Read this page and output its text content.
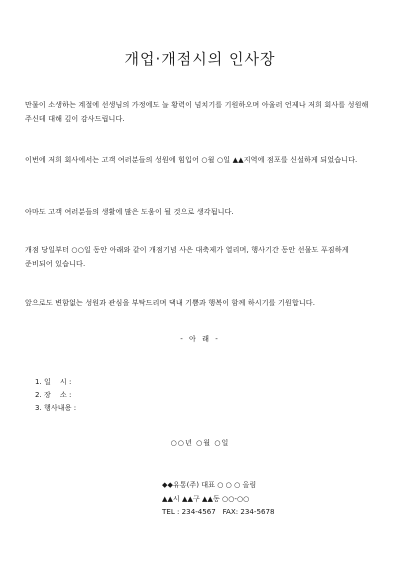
개업·개점시의 인사장
만물이 소생하는 계절에 선생님의 가정에도 늘 황력이 넘치기를 기원하오며 아울러 언제나 저희 회사를 성원해 주신데 대해 깊이 감사드립니다.
이번에 저희 회사에서는 고객 여러분들의 성원에 힘입어 ○월 ○일 ▲▲지역에 점포를 신설하게 되었습니다.
아마도 고객 여러분들의 생활에 많은 도움이 될 것으로 생각됩니다.
개점 당일부터 ○○일 동안 아래와 같이 개점기념 사은 대축제가 열리며, 행사기간 동안 선물도 푸짐하게 준비되어 있습니다.
앞으로도 변함없는 성원과 관심을 부탁드리며 댁내 기쁨과 행복이 함께 하시기를 기원합니다.
- 아 래 -
1. 일    시 :
2. 장    소 :
3. 행사내용 :
○○년 ○월 ○일
◆◆유통(주) 대표 ○ ○ ○ 올림
▲▲시 ▲▲구 ▲▲동 ○○-○○
TEL : 234-4567   FAX: 234-5678
